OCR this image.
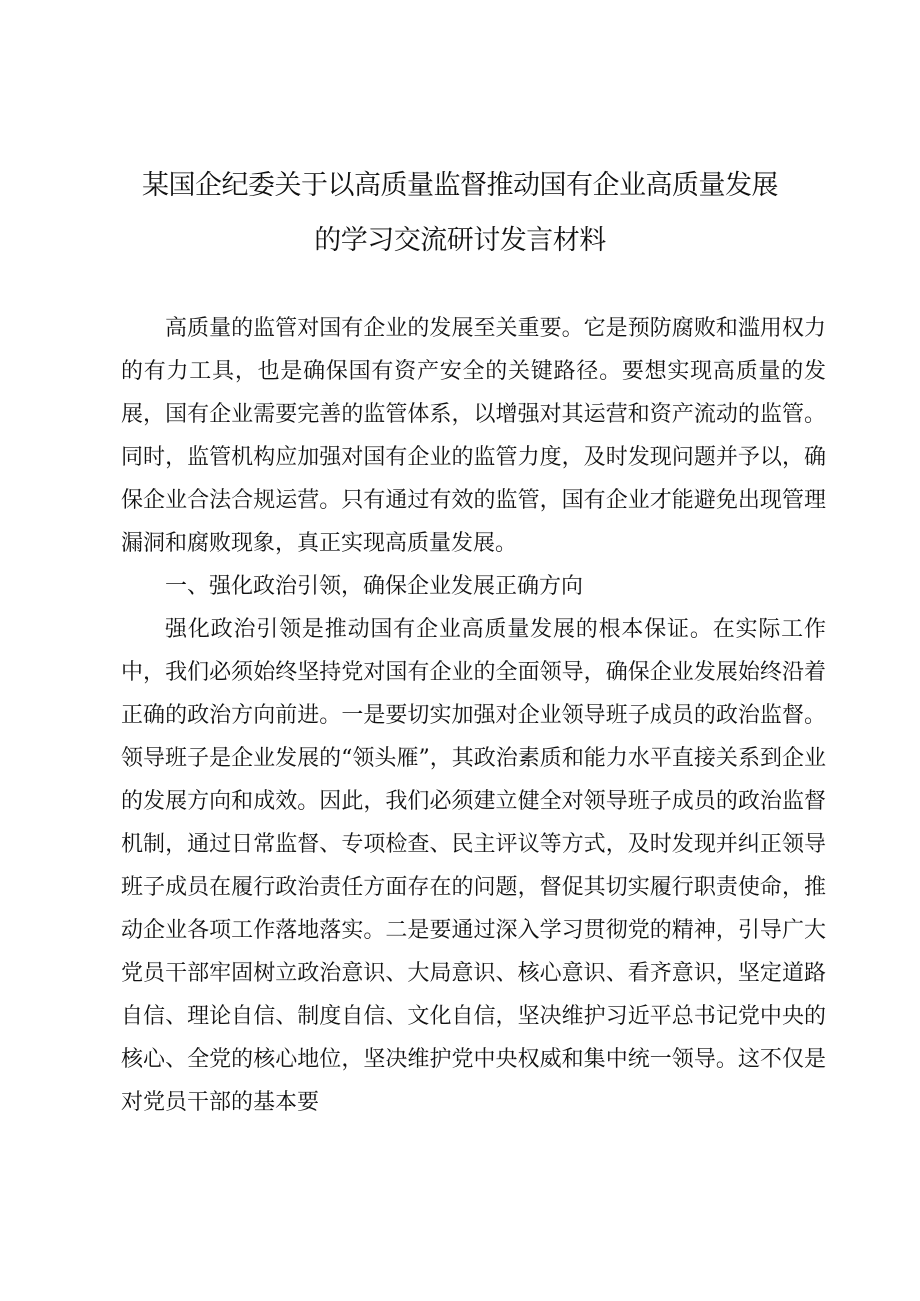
某国企纪委关于以高质量监督推动国有企业高质量发展
的学习交流研讨发言材料

高质量的监管对国有企业的发展至关重要。它是预防腐败和滥用权力的有力工具，也是确保国有资产安全的关键路径。要想实现高质量的发展，国有企业需要完善的监管体系，以增强对其运营和资产流动的监管。同时，监管机构应加强对国有企业的监管力度，及时发现问题并予以，确保企业合法合规运营。只有通过有效的监管，国有企业才能避免出现管理漏洞和腐败现象，真正实现高质量发展。

一、强化政治引领，确保企业发展正确方向

强化政治引领是推动国有企业高质量发展的根本保证。在实际工作中，我们必须始终坚持党对国有企业的全面领导，确保企业发展始终沿着正确的政治方向前进。一是要切实加强对企业领导班子成员的政治监督。领导班子是企业发展的“领头雁”，其政治素质和能力水平直接关系到企业的发展方向和成效。因此，我们必须建立健全对领导班子成员的政治监督机制，通过日常监督、专项检查、民主评议等方式，及时发现并纠正领导班子成员在履行政治责任方面存在的问题，督促其切实履行职责使命，推动企业各项工作落地落实。二是要通过深入学习贯彻党的精神，引导广大党员干部牢固树立政治意识、大局意识、核心意识、看齐意识，坚定道路自信、理论自信、制度自信、文化自信，坚决维护习近平总书记党中央的核心、全党的核心地位，坚决维护党中央权威和集中统一领导。这不仅是对党员干部的基本要
